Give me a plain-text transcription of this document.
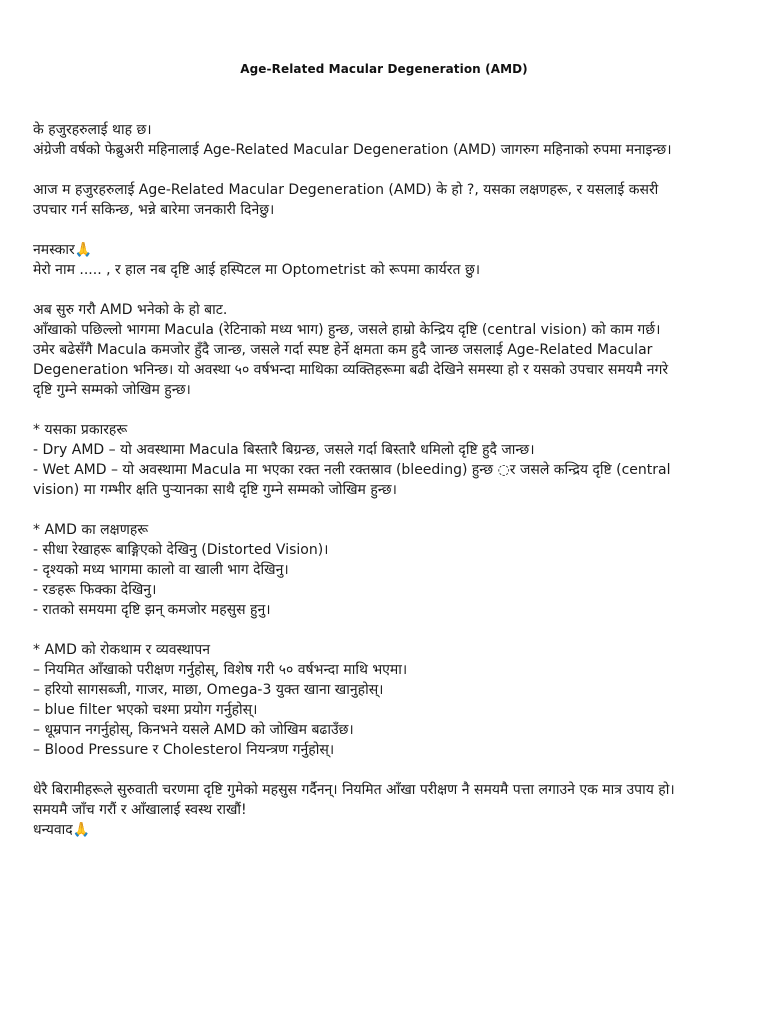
Age-Related Macular Degeneration (AMD)
के हजुरहरुलाई थाह छ।
अंग्रेजी वर्षको फेब्रुअरी महिनालाई Age-Related Macular Degeneration (AMD) जागरुग महिनाको रुपमा मनाइन्छ।
आज म हजुरहरुलाई Age-Related Macular Degeneration (AMD) के हो ?, यसका लक्षणहरू, र यसलाई कसरी
उपचार गर्न सकिन्छ, भन्ने बारेमा जनकारी दिनेछु।
नमस्कार🙏
मेरो नाम ..... , र हाल नब दृष्टि आई हस्पिटल मा Optometrist को रूपमा कार्यरत छु।
अब सुरु गरौ AMD भनेको के हो बाट.
आँखाको पछिल्लो भागमा Macula (रेटिनाको मध्य भाग) हुन्छ, जसले हाम्रो केन्द्रिय दृष्टि (central vision) को काम गर्छ।
उमेर बढेसँगै Macula कमजोर हुँदै जान्छ, जसले गर्दा स्पष्ट हेर्ने क्षमता कम हुदै जान्छ जसलाई Age-Related Macular
Degeneration भनिन्छ। यो अवस्था ५० वर्षभन्दा माथिका व्यक्तिहरूमा बढी देखिने समस्या हो र यसको उपचार समयमै नगरे
दृष्टि गुम्ने सम्मको जोखिम हुन्छ।
* यसका प्रकारहरू
- Dry AMD – यो अवस्थामा Macula बिस्तारै बिग्रन्छ, जसले गर्दा बिस्तारै धमिलो दृष्टि हुदै जान्छ।
- Wet AMD – यो अवस्थामा Macula मा भएका रक्त नली रक्तस्राव (bleeding) हुन्छ ◌र जसले कन्द्रिय दृष्टि (central
vision) मा गम्भीर क्षति पुर्‍यानका साथै दृष्टि गुम्ने सम्मको जोखिम हुन्छ।
* AMD का लक्षणहरू
- सीधा रेखाहरू बाङ्गिएको देखिनु (Distorted Vision)।
- दृश्यको मध्य भागमा कालो वा खाली भाग देखिनु।
- रङहरू फिक्का देखिनु।
- रातको समयमा दृष्टि झन् कमजोर महसुस हुनु।
* AMD को रोकथाम र व्यवस्थापन
– नियमित आँखाको परीक्षण गर्नुहोस्, विशेष गरी ५० वर्षभन्दा माथि भएमा।
– हरियो सागसब्जी, गाजर, माछा, Omega-3 युक्त खाना खानुहोस्।
– blue filter भएको चश्मा प्रयोग गर्नुहोस्।
– धूम्रपान नगर्नुहोस्, किनभने यसले AMD को जोखिम बढाउँछ।
– Blood Pressure र Cholesterol नियन्त्रण गर्नुहोस्।
धेरै बिरामीहरूले सुरुवाती चरणमा दृष्टि गुमेको महसुस गर्दैनन्। नियमित आँखा परीक्षण नै समयमै पत्ता लगाउने एक मात्र उपाय हो।
समयमै जाँच गरौं र आँखालाई स्वस्थ राखौं!
धन्यवाद🙏
